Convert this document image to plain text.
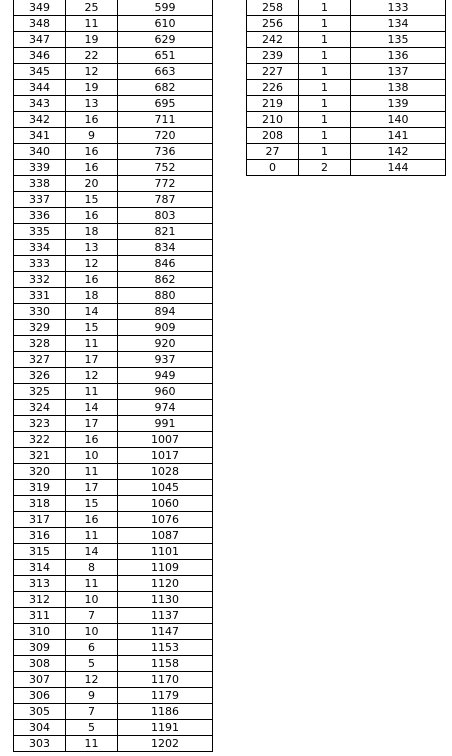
349	25	599
348	11	610
347	19	629
346	22	651
345	12	663
344	19	682
343	13	695
342	16	711
341	9	720
340	16	736
339	16	752
338	20	772
337	15	787
336	16	803
335	18	821
334	13	834
333	12	846
332	16	862
331	18	880
330	14	894
329	15	909
328	11	920
327	17	937
326	12	949
325	11	960
324	14	974
323	17	991
322	16	1007
321	10	1017
320	11	1028
319	17	1045
318	15	1060
317	16	1076
316	11	1087
315	14	1101
314	8	1109
313	11	1120
312	10	1130
311	7	1137
310	10	1147
309	6	1153
308	5	1158
307	12	1170
306	9	1179
305	7	1186
304	5	1191
303	11	1202
258	1	133
256	1	134
242	1	135
239	1	136
227	1	137
226	1	138
219	1	139
210	1	140
208	1	141
27	1	142
0	2	144
